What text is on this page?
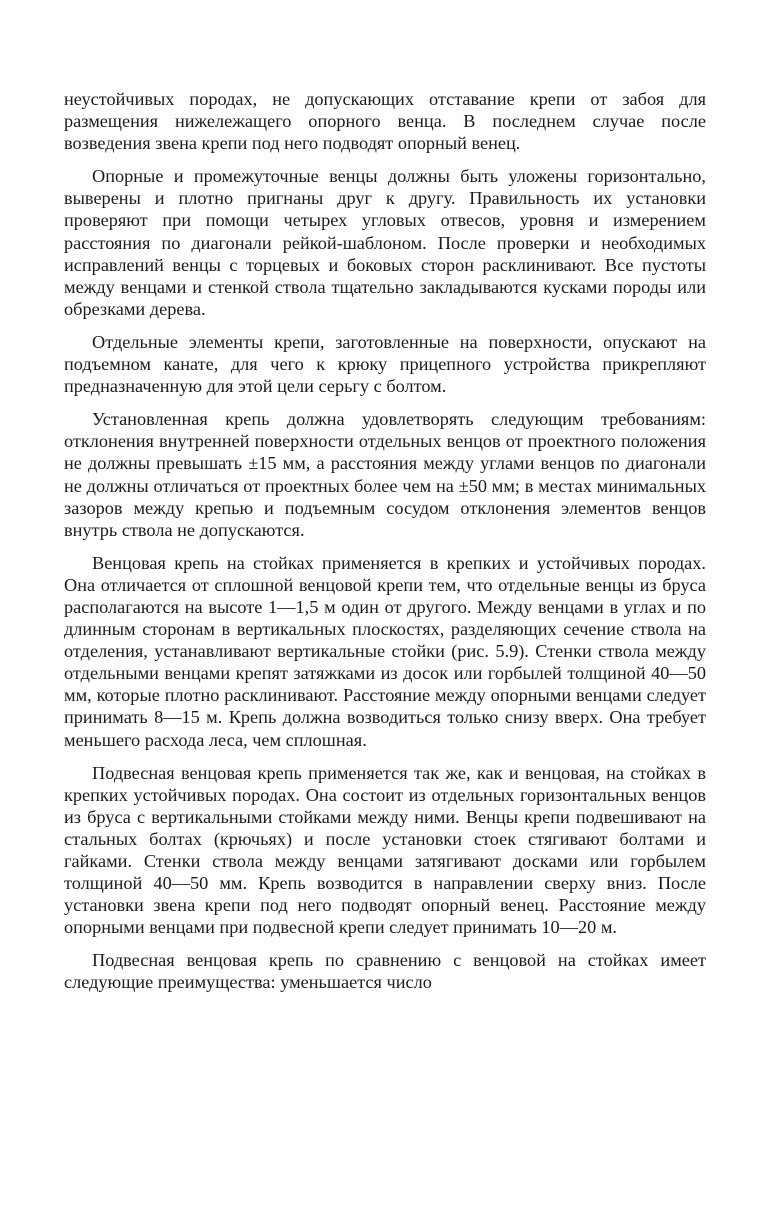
неустойчивых породах, не допускающих отставание крепи от забоя для размещения нижележащего опорного венца. В последнем случае после возведения звена крепи под него подводят опорный венец.

Опорные и промежуточные венцы должны быть уложены горизонтально, выверены и плотно пригнаны друг к другу. Правильность их установки проверяют при помощи четырех угловых отвесов, уровня и измерением расстояния по диагонали рейкой-шаблоном. После проверки и необходимых исправлений венцы с торцевых и боковых сторон расклинивают. Все пустоты между венцами и стенкой ствола тщательно закладываются кусками породы или обрезками дерева.

Отдельные элементы крепи, заготовленные на поверхности, опускают на подъемном канате, для чего к крюку прицепного устройства прикрепляют предназначенную для этой цели серьгу с болтом.

Установленная крепь должна удовлетворять следующим требованиям: отклонения внутренней поверхности отдельных венцов от проектного положения не должны превышать ±15 мм, а расстояния между углами венцов по диагонали не должны отличаться от проектных более чем на ±50 мм; в местах минимальных зазоров между крепью и подъемным сосудом отклонения элементов венцов внутрь ствола не допускаются.

Венцовая крепь на стойках применяется в крепких и устойчивых породах. Она отличается от сплошной венцовой крепи тем, что отдельные венцы из бруса располагаются на высоте 1—1,5 м один от другого. Между венцами в углах и по длинным сторонам в вертикальных плоскостях, разделяющих сечение ствола на отделения, устанавливают вертикальные стойки (рис. 5.9). Стенки ствола между отдельными венцами крепят затяжками из досок или горбылей толщиной 40—50 мм, которые плотно расклинивают. Расстояние между опорными венцами следует принимать 8—15 м. Крепь должна возводиться только снизу вверх. Она требует меньшего расхода леса, чем сплошная.

Подвесная венцовая крепь применяется так же, как и венцовая, на стойках в крепких устойчивых породах. Она состоит из отдельных горизонтальных венцов из бруса с вертикальными стойками между ними. Венцы крепи подвешивают на стальных болтах (крючьях) и после установки стоек стягивают болтами и гайками. Стенки ствола между венцами затягивают досками или горбылем толщиной 40—50 мм. Крепь возводится в направлении сверху вниз. После установки звена крепи под него подводят опорный венец. Расстояние между опорными венцами при подвесной крепи следует принимать 10—20 м.

Подвесная венцовая крепь по сравнению с венцовой на стойках имеет следующие преимущества: уменьшается число
